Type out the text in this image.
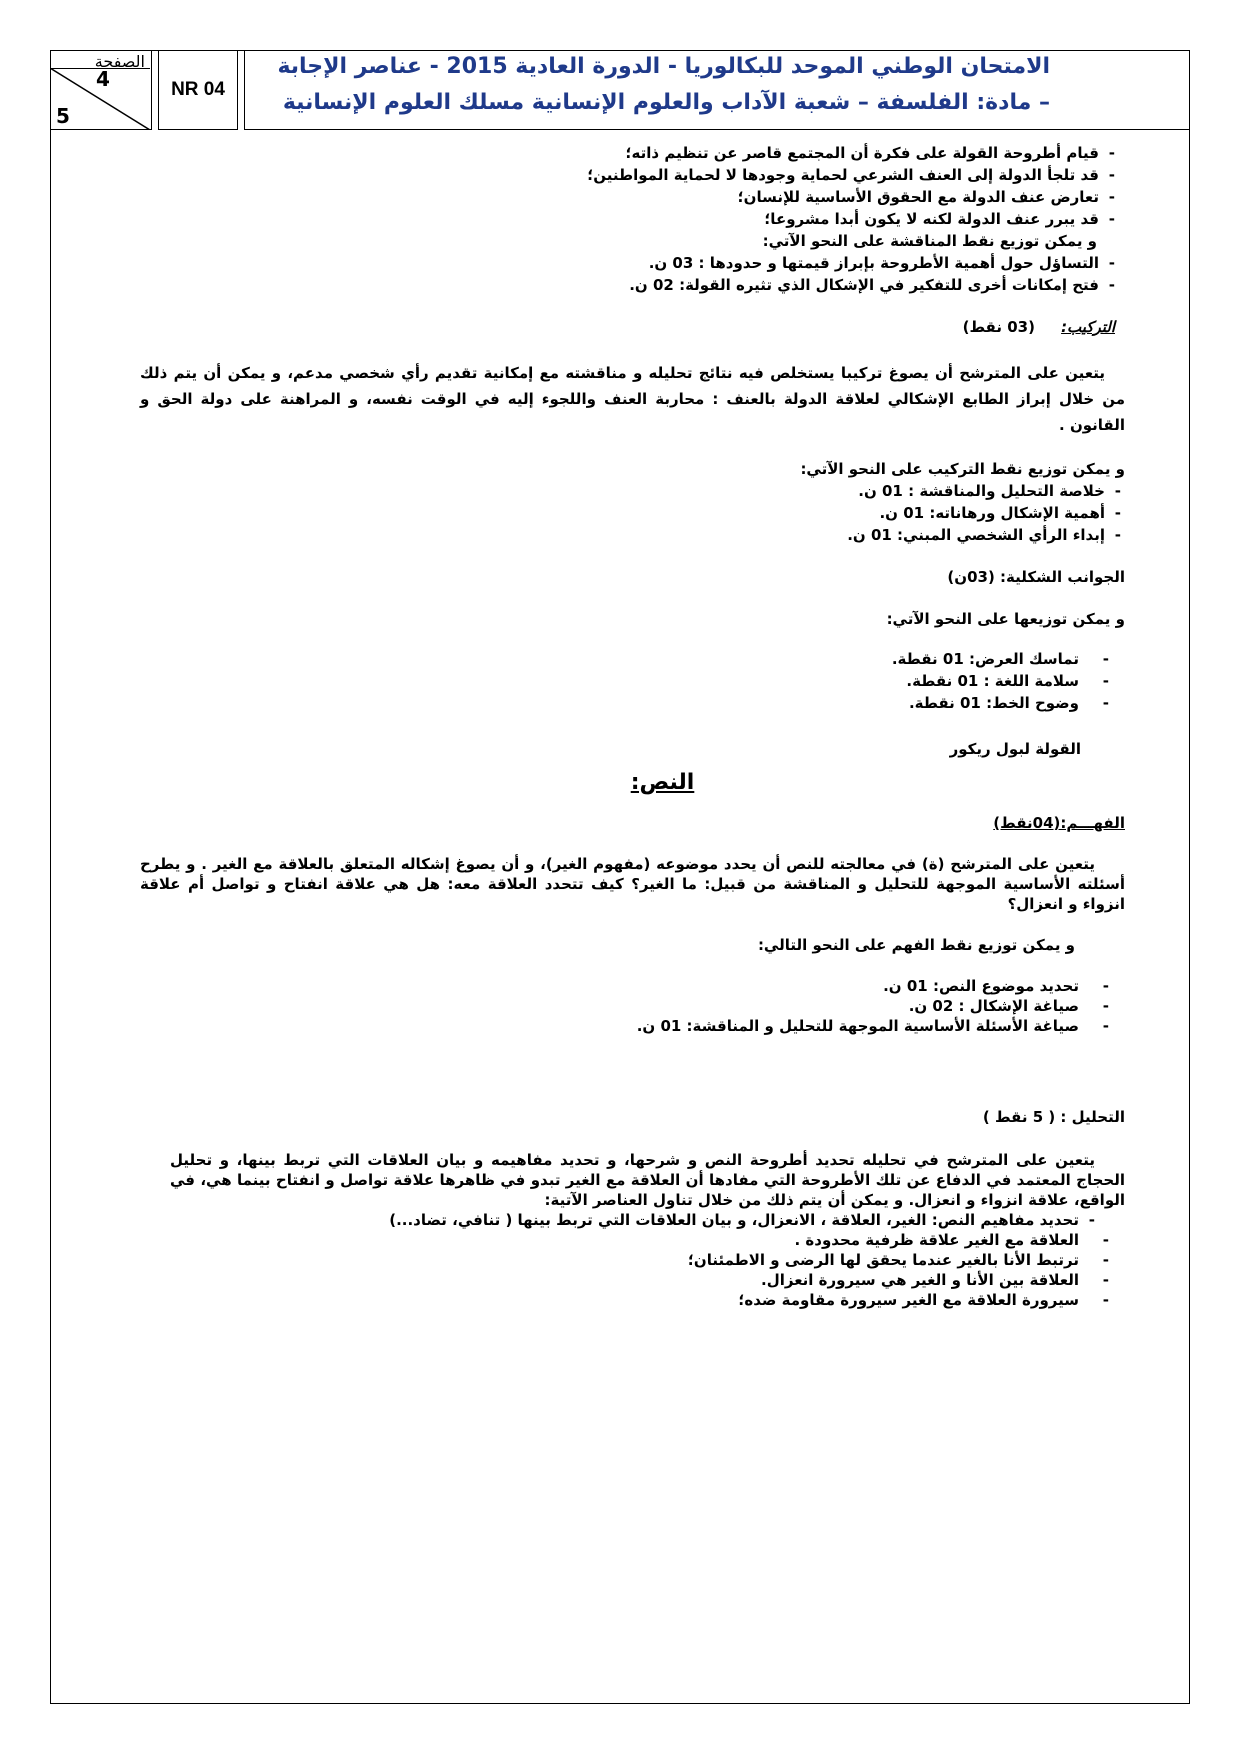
الصفحة
4
5
NR 04
الامتحان الوطني الموحد للبكالوريا - الدورة العادية 2015 - عناصر الإجابة
– مادة: الفلسفة – شعبة الآداب والعلوم الإنسانية مسلك العلوم الإنسانية

- قيام أطروحة القولة على فكرة أن المجتمع قاصر عن تنظيم ذاته؛

- قد تلجأ الدولة إلى العنف الشرعي لحماية وجودها لا لحماية المواطنين؛

- تعارض عنف الدولة مع الحقوق الأساسية للإنسان؛

- قد يبرر عنف الدولة لكنه لا يكون أبدا مشروعا؛

و يمكن توزيع نقط المناقشة على النحو الآتي:

- التساؤل حول أهمية الأطروحة بإبراز قيمتها و حدودها : 03 ن.

- فتح إمكانات أخرى للتفكير في الإشكال الذي تثيره القولة: 02 ن.

التركيب:     (03 نقط)

يتعين على المترشح أن يصوغ تركيبا يستخلص فيه نتائج تحليله و مناقشته مع إمكانية تقديم رأي شخصي مدعم، و يمكن أن يتم ذلك من خلال إبراز الطابع الإشكالي لعلاقة الدولة بالعنف : محاربة العنف واللجوء إليه في الوقت نفسه، و المراهنة على دولة الحق و القانون .

و يمكن توزيع نقط التركيب على النحو الآتي:

- خلاصة التحليل والمناقشة : 01 ن.

- أهمية الإشكال ورهاناته: 01 ن.

- إبداء الرأي الشخصي المبني: 01 ن.

الجوانب الشكلية: (03ن)

و يمكن توزيعها على النحو الآتي:

- تماسك العرض: 01 نقطة.

- سلامة اللغة : 01 نقطة.

- وضوح الخط: 01 نقطة.

القولة لبول ريكور

النص:

الفهـــم:(04نقط)

يتعين على المترشح (ة) في معالجته للنص أن يحدد موضوعه (مفهوم الغير)، و أن يصوغ إشكاله المتعلق بالعلاقة مع الغير . و يطرح أسئلته الأساسية الموجهة للتحليل و المناقشة من قبيل: ما الغير؟ كيف تتحدد العلاقة معه: هل هي علاقة انفتاح و تواصل أم علاقة انزواء و انعزال؟

و يمكن توزيع نقط الفهم على النحو التالي:

- تحديد موضوع النص: 01 ن.

- صياغة الإشكال : 02 ن.

- صياغة الأسئلة الأساسية الموجهة للتحليل و المناقشة: 01 ن.

التحليل : ( 5 نقط )

يتعين على المترشح في تحليله تحديد أطروحة النص و شرحها، و تحديد مفاهيمه و بيان العلاقات التي تربط بينها، و تحليل الحجاج المعتمد في الدفاع عن تلك الأطروحة التي مفادها أن العلاقة مع الغير تبدو في ظاهرها علاقة تواصل و انفتاح بينما هي، في الواقع، علاقة انزواء و انعزال. و يمكن أن يتم ذلك من خلال تناول العناصر الآتية:

- تحديد مفاهيم النص: الغير، العلاقة ، الانعزال، و بيان العلاقات التي تربط بينها ( تنافي، تضاد...)

- العلاقة مع الغير علاقة ظرفية محدودة .

- ترتبط الأنا بالغير عندما يحقق لها الرضى و الاطمئنان؛

- العلاقة بين الأنا و الغير هي سيرورة انعزال.

- سيرورة العلاقة مع الغير سيرورة مقاومة ضده؛
